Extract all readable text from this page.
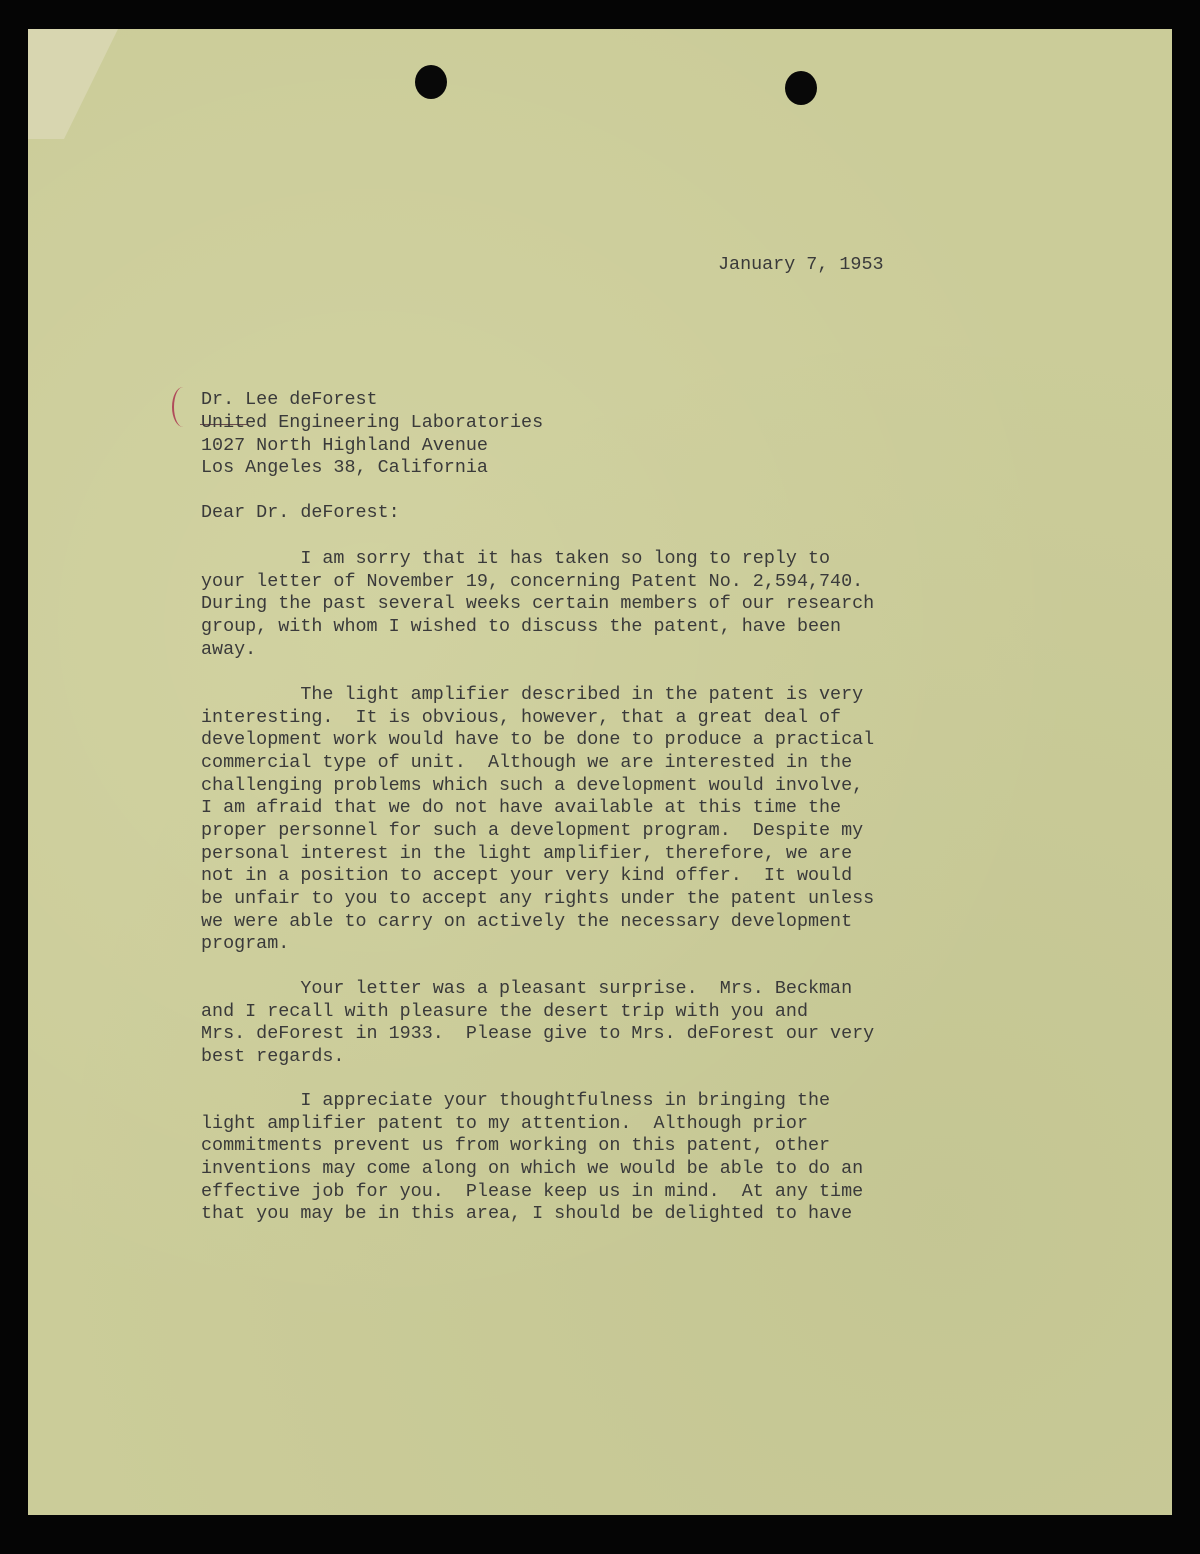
January 7, 1953
Dr. Lee deForest
United Engineering Laboratories
1027 North Highland Avenue
Los Angeles 38, California
Dear Dr. deForest:
I am sorry that it has taken so long to reply to
your letter of November 19, concerning Patent No. 2,594,740.
During the past several weeks certain members of our research
group, with whom I wished to discuss the patent, have been
away.
The light amplifier described in the patent is very
interesting.  It is obvious, however, that a great deal of
development work would have to be done to produce a practical
commercial type of unit.  Although we are interested in the
challenging problems which such a development would involve,
I am afraid that we do not have available at this time the
proper personnel for such a development program.  Despite my
personal interest in the light amplifier, therefore, we are
not in a position to accept your very kind offer.  It would
be unfair to you to accept any rights under the patent unless
we were able to carry on actively the necessary development
program.
Your letter was a pleasant surprise.  Mrs. Beckman
and I recall with pleasure the desert trip with you and
Mrs. deForest in 1933.  Please give to Mrs. deForest our very
best regards.
I appreciate your thoughtfulness in bringing the
light amplifier patent to my attention.  Although prior
commitments prevent us from working on this patent, other
inventions may come along on which we would be able to do an
effective job for you.  Please keep us in mind.  At any time
that you may be in this area, I should be delighted to have
